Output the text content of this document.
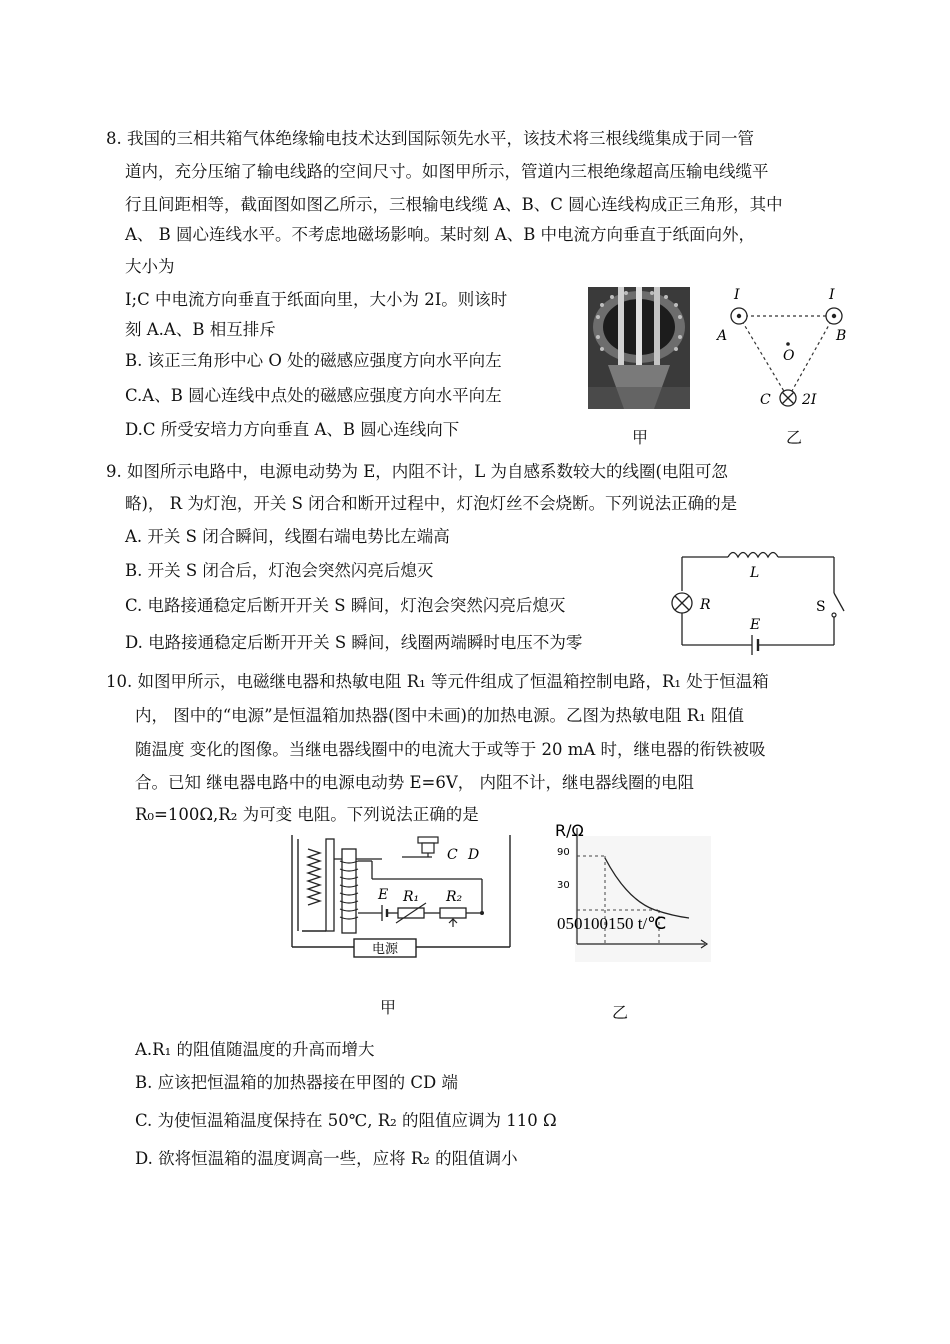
8. 我国的三相共箱气体绝缘输电技术达到国际领先水平，该技术将三根线缆集成于同一管
道内，充分压缩了输电线路的空间尺寸。如图甲所示，管道内三根绝缘超高压输电线缆平
行且间距相等，截面图如图乙所示，三根输电线缆 A、B、C 圆心连线构成正三角形，其中
A、 B 圆心连线水平。不考虑地磁场影响。某时刻 A、B 中电流方向垂直于纸面向外，
大小为
I;C 中电流方向垂直于纸面向里，大小为 2I。则该时
刻 A.A、B 相互排斥
B. 该正三角形中心 O 处的磁感应强度方向水平向左
C.A、B 圆心连线中点处的磁感应强度方向水平向左
D.C 所受安培力方向垂直 A、B 圆心连线向下	甲
I	I
A	B
O
C 2I
乙
9. 如图所示电路中，电源电动势为 E，内阻不计，L 为自感系数较大的线圈(电阻可忽
略)， R 为灯泡，开关 S 闭合和断开过程中，灯泡灯丝不会烧断。下列说法正确的是
A. 开关 S 闭合瞬间，线圈右端电势比左端高
B. 开关 S 闭合后，灯泡会突然闪亮后熄灭
C. 电路接通稳定后断开开关 S 瞬间，灯泡会突然闪亮后熄灭
D. 电路接通稳定后断开开关 S 瞬间，线圈两端瞬时电压不为零
L
R
E
S
10. 如图甲所示，电磁继电器和热敏电阻 R₁ 等元件组成了恒温箱控制电路，R₁ 处于恒温箱
内， 图中的“电源”是恒温箱加热器(图中未画)的加热电源。乙图为热敏电阻 R₁ 阻值
随温度 变化的图像。当继电器线圈中的电流大于或等于 20 mA 时，继电器的衔铁被吸
合。已知 继电器电路中的电源电动势 E=6V， 内阻不计，继电器线圈的电阻
R₀=100Ω,R₂ 为可变 电阻。下列说法正确的是
电源
C D
E R₁ R₂
甲
R/Ω
90
30
050100150 t/℃
乙
A.R₁ 的阻值随温度的升高而增大
B. 应该把恒温箱的加热器接在甲图的 CD 端
C. 为使恒温箱温度保持在 50℃, R₂ 的阻值应调为 110 Ω
D. 欲将恒温箱的温度调高一些，应将 R₂ 的阻值调小
